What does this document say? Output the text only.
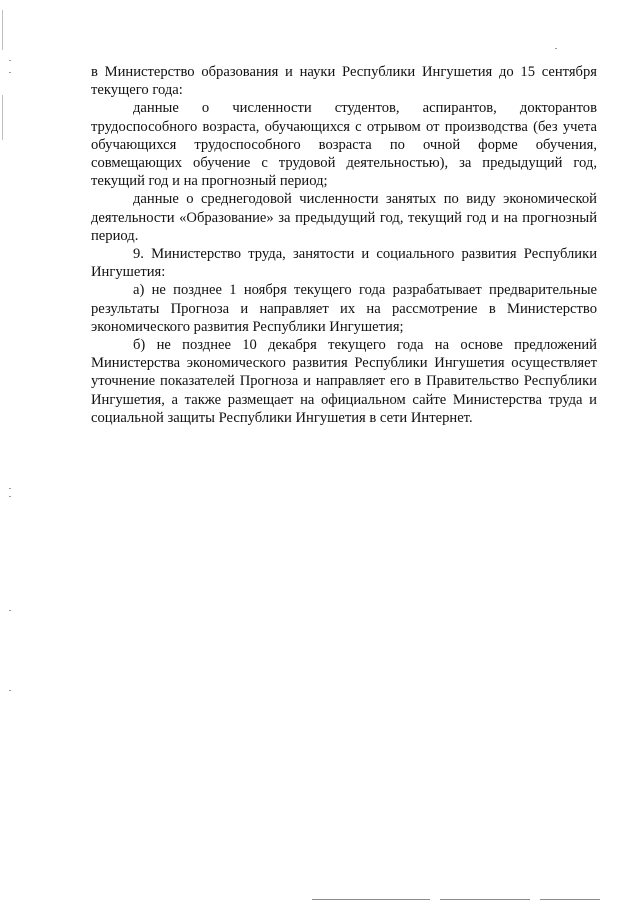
в Министерство образования и науки Республики Ингушетия до 15 сентября текущего года:

данные о численности студентов, аспирантов, докторантов трудоспособного возраста, обучающихся с отрывом от производства (без учета обучающихся трудоспособного возраста по очной форме обучения, совмещающих обучение с трудовой деятельностью), за предыдущий год, текущий год и на прогнозный период;

данные о среднегодовой численности занятых по виду экономической деятельности «Образование» за предыдущий год, текущий год и на прогнозный период.

9. Министерство труда, занятости и социального развития Республики Ингушетия:

а) не позднее 1 ноября текущего года разрабатывает предварительные результаты Прогноза и направляет их на рассмотрение в Министерство экономического развития Республики Ингушетия;

б) не позднее 10 декабря текущего года на основе предложений Министерства экономического развития Республики Ингушетия осуществляет уточнение показателей Прогноза и направляет его в Правительство Республики Ингушетия, а также размещает на официальном сайте Министерства труда и социальной защиты Республики Ингушетия в сети Интернет.
